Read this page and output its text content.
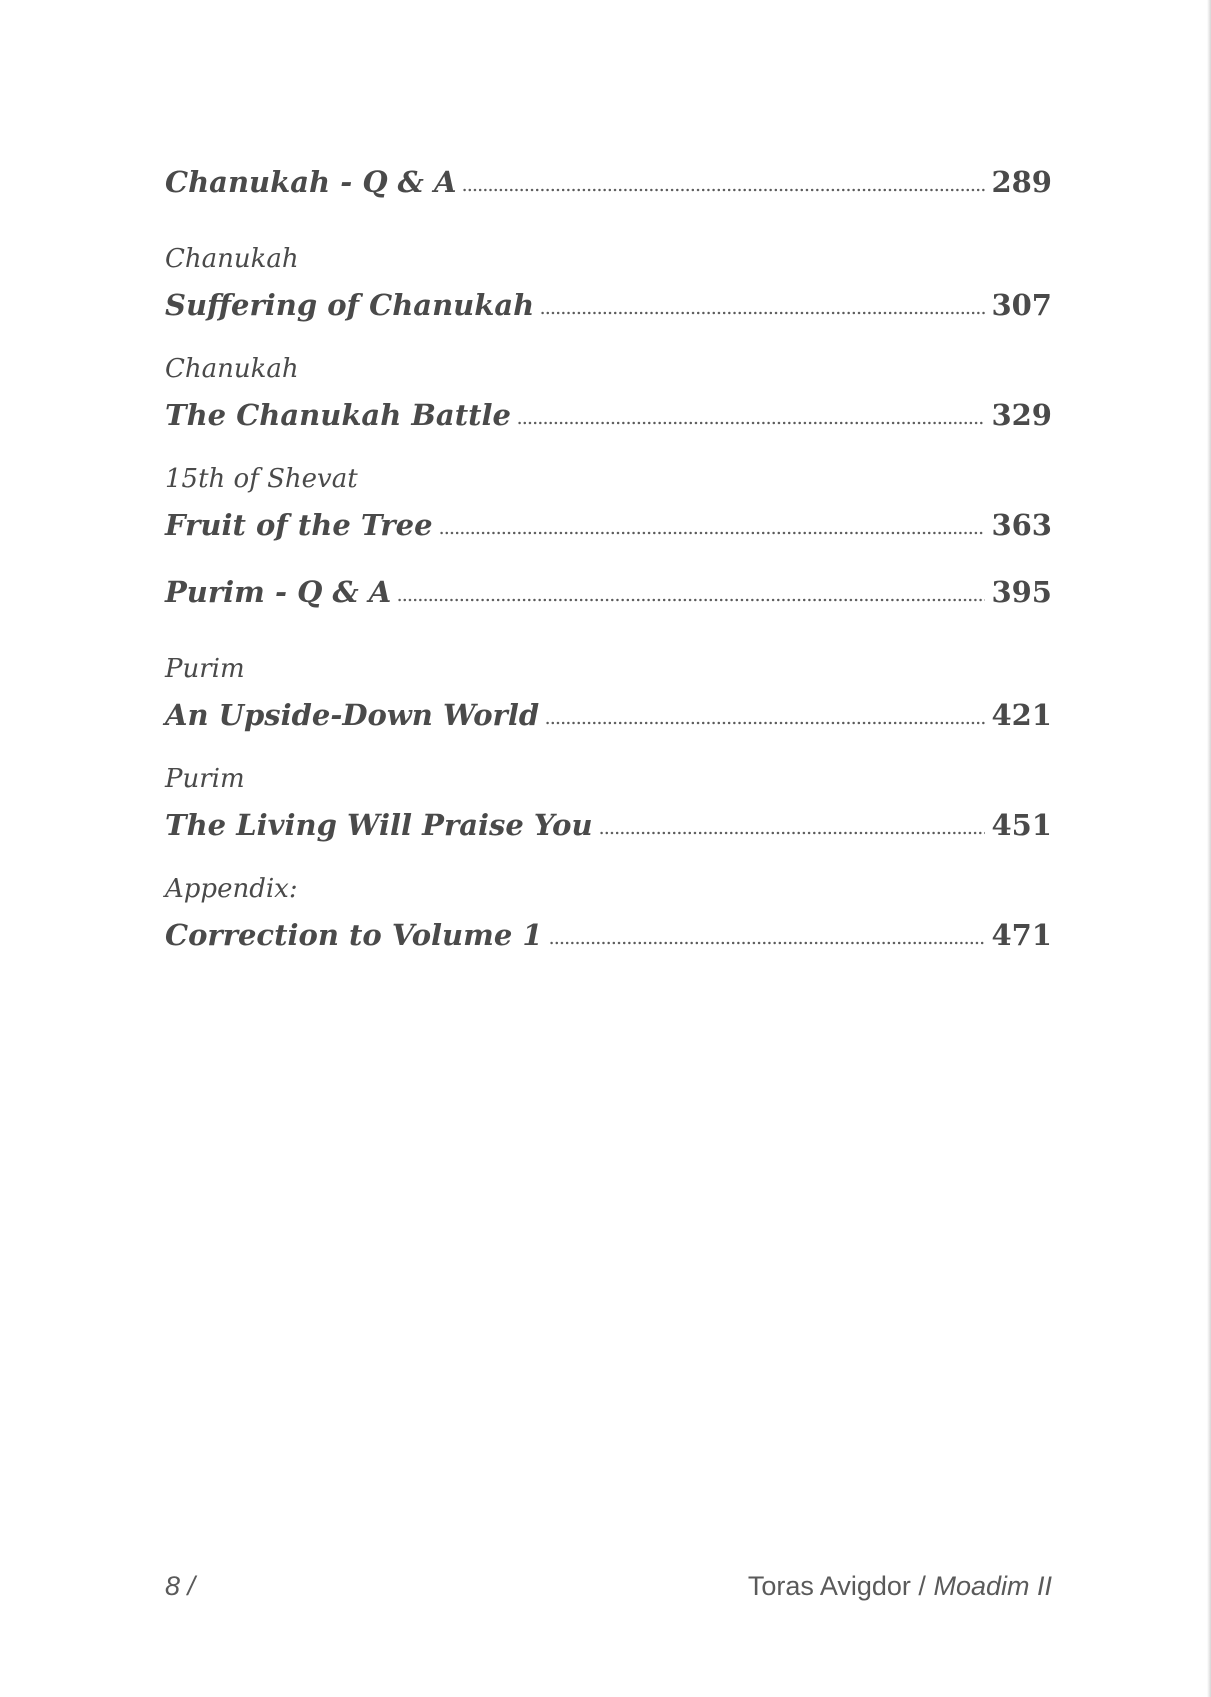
Chanukah - Q & A	289
Chanukah
Suffering of Chanukah	307
Chanukah
The Chanukah Battle	329
15th of Shevat
Fruit of the Tree	363
Purim - Q & A	395
Purim
An Upside-Down World	421
Purim
The Living Will Praise You	451
Appendix:
Correction to Volume 1	471
8 /	Toras Avigdor / Moadim II
